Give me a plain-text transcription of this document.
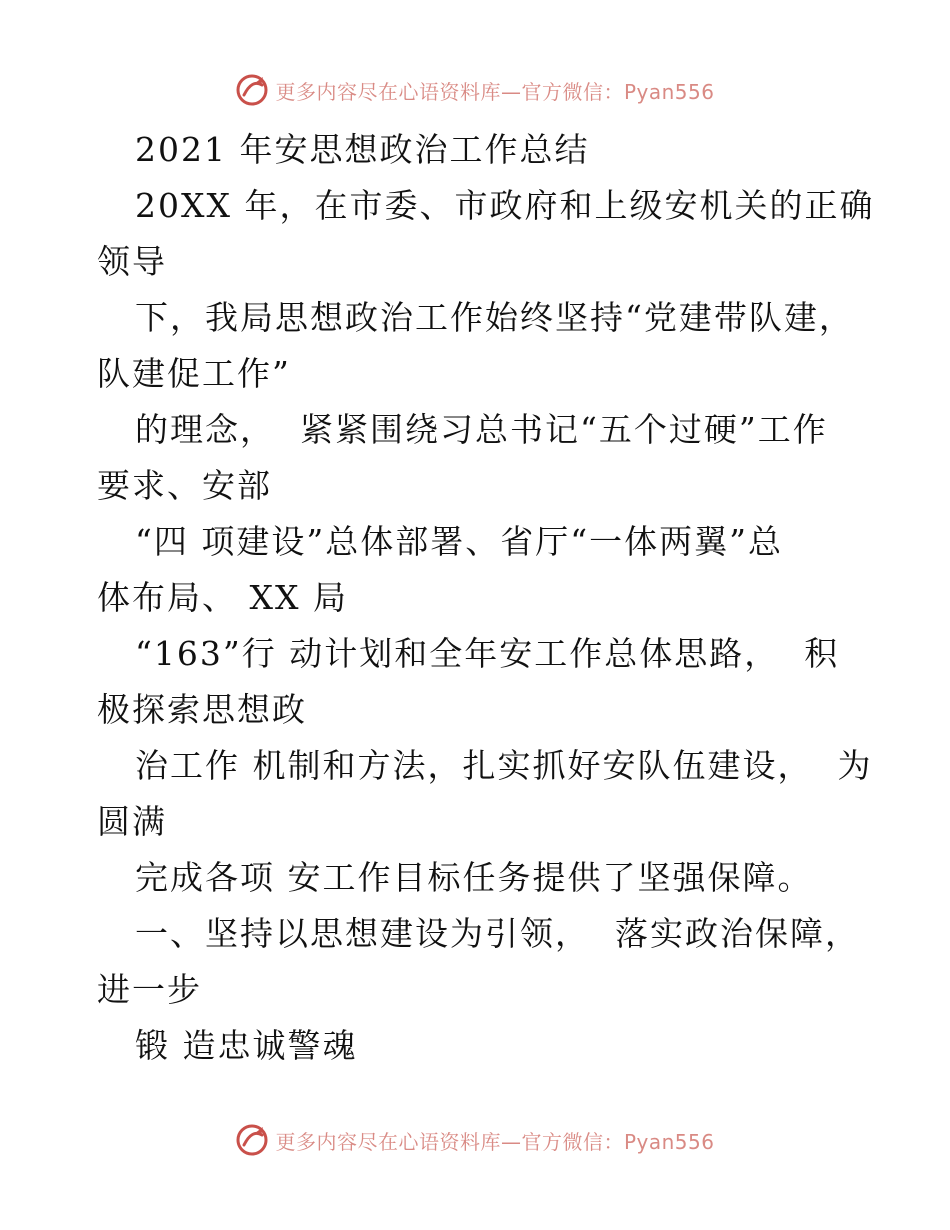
更多内容尽在心语资料库—官方微信：Pyan556
2021 年安思想政治工作总结
20XX 年，在市委、市政府和上级安机关的正确
领导
下，我局思想政治工作始终坚持“党建带队建，
队建促工作”
的理念，  紧紧围绕习总书记“五个过硬”工作
要求、安部
“四 项建设”总体部署、省厅“一体两翼”总
体布局、 XX 局
“163”行 动计划和全年安工作总体思路，  积
极探索思想政
治工作 机制和方法，扎实抓好安队伍建设，  为
圆满
完成各项 安工作目标任务提供了坚强保障。
一、坚持以思想建设为引领，  落实政治保障，
进一步
锻 造忠诚警魂
更多内容尽在心语资料库—官方微信：Pyan556
